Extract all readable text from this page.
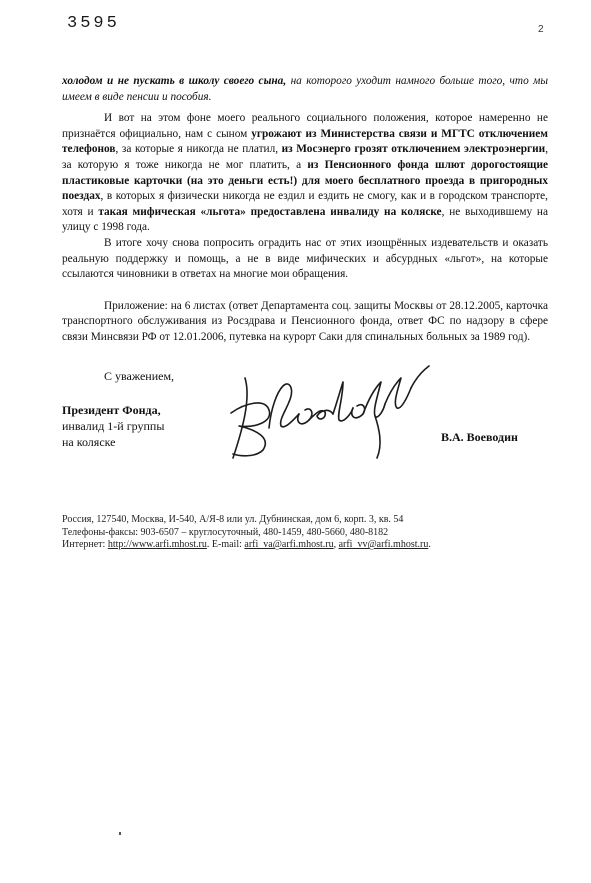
3595	2

холодом и не пускать в школу своего сына, на которого уходит намного больше того, что мы имеем в виде пенсии и пособия.

И вот на этом фоне моего реального социального положения, которое намеренно не признаётся официально, нам с сыном угрожают из Министерства связи и МГТС отключением телефонов, за которые я никогда не платил, из Мосэнерго грозят отключением электроэнергии, за которую я тоже никогда не мог платить, а из Пенсионного фонда шлют дорогостоящие пластиковые карточки (на это деньги есть!) для моего бесплатного проезда в пригородных поездах, в которых я физически никогда не ездил и ездить не смогу, как и в городском транспорте, хотя и такая мифическая «льгота» предоставлена инвалиду на коляске, не выходившему на улицу с 1998 года.

В итоге хочу снова попросить оградить нас от этих изощрённых издевательств и оказать реальную поддержку и помощь, а не в виде мифических и абсурдных «льгот», на которые ссылаются чиновники в ответах на многие мои обращения.

Приложение: на 6 листах (ответ Департамента соц. защиты Москвы от 28.12.2005, карточка транспортного обслуживания из Росздрава и Пенсионного фонда, ответ ФС по надзору в сфере связи Минсвязи РФ от 12.01.2006, путевка на курорт Саки для спинальных больных за 1989 год).

С уважением,
Президент Фонда,
инвалид 1-й группы
на коляске	В.А. Воеводин
Россия, 127540, Москва, И-540, А/Я-8 или ул. Дубнинская, дом 6, корп. 3, кв. 54
Телефоны-факсы: 903-6507 – круглосуточный, 480-1459, 480-5660, 480-8182
Интернет: http://www.arfi.mhost.ru. E-mail: arfi_va@arfi.mhost.ru, arfi_vv@arfi.mhost.ru.
